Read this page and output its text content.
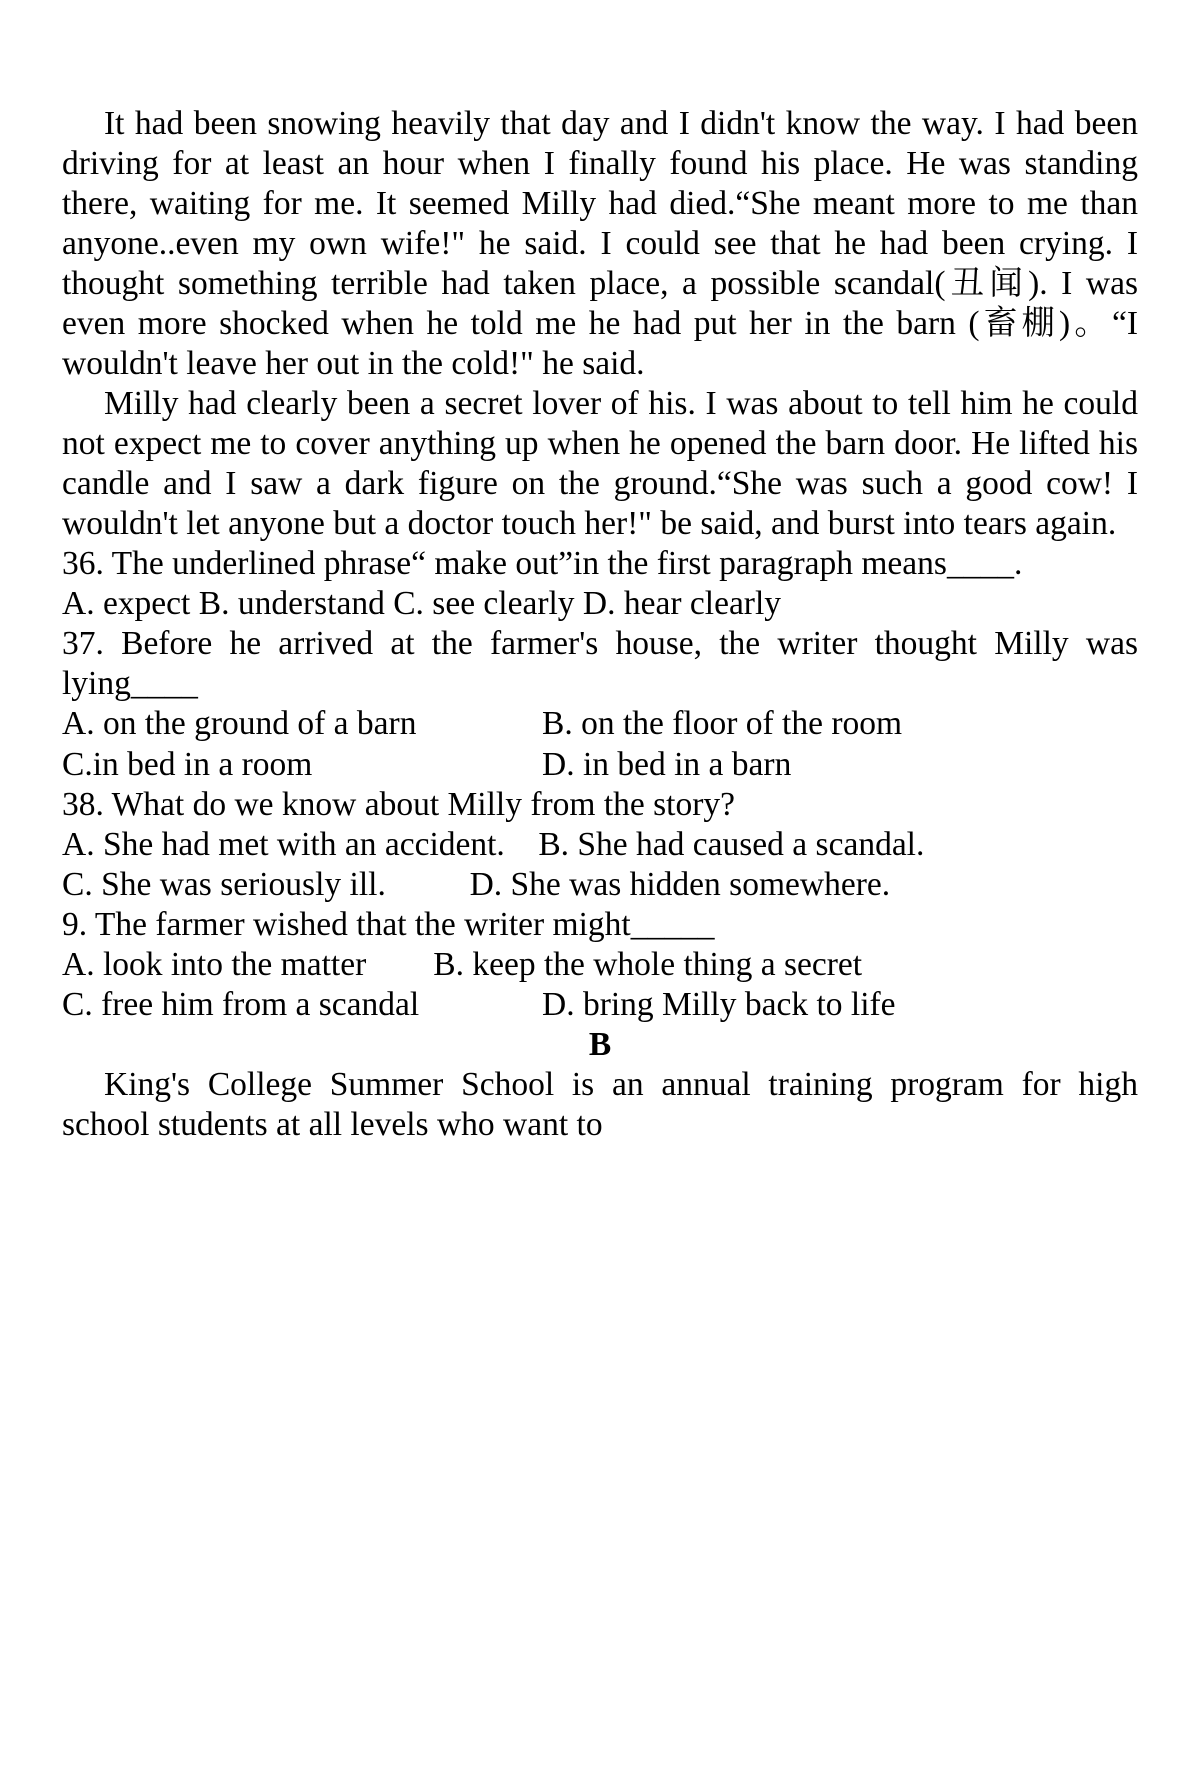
It had been snowing heavily that day and I didn't know the way. I had been driving for at least an hour when I finally found his place. He was standing there, waiting for me. It seemed Milly had died.“She meant more to me than anyone..even my own wife!" he said. I could see that he had been crying. I thought something terrible had taken place, a possible scandal(丑闻). I was even more shocked when he told me he had put her in the barn (畜棚)。“I wouldn't leave her out in the cold!" he said.

Milly had clearly been a secret lover of his. I was about to tell him he could not expect me to cover anything up when he opened the barn door. He lifted his candle and I saw a dark figure on the ground.“She was such a good cow! I wouldn't let anyone but a doctor touch her!" be said, and burst into tears again.

36. The underlined phrase“ make out”in the first paragraph means____.

A. expect B. understand C. see clearly D. hear clearly

37. Before he arrived at the farmer's house, the writer thought Milly was lying____

A. on the ground of a barn	B. on the floor of the room
C.in bed in a room	D. in bed in a barn

38. What do we know about Milly from the story?

A. She had met with an accident. B. She had caused a scandal.

C. She was seriously ill.	D. She was hidden somewhere.

9. The farmer wished that the writer might_____

A. look into the matter B. keep the whole thing a secret

C. free him from a scandal	D. bring Milly back to life

B

King's College Summer School is an annual training program for high school students at all levels who want to
